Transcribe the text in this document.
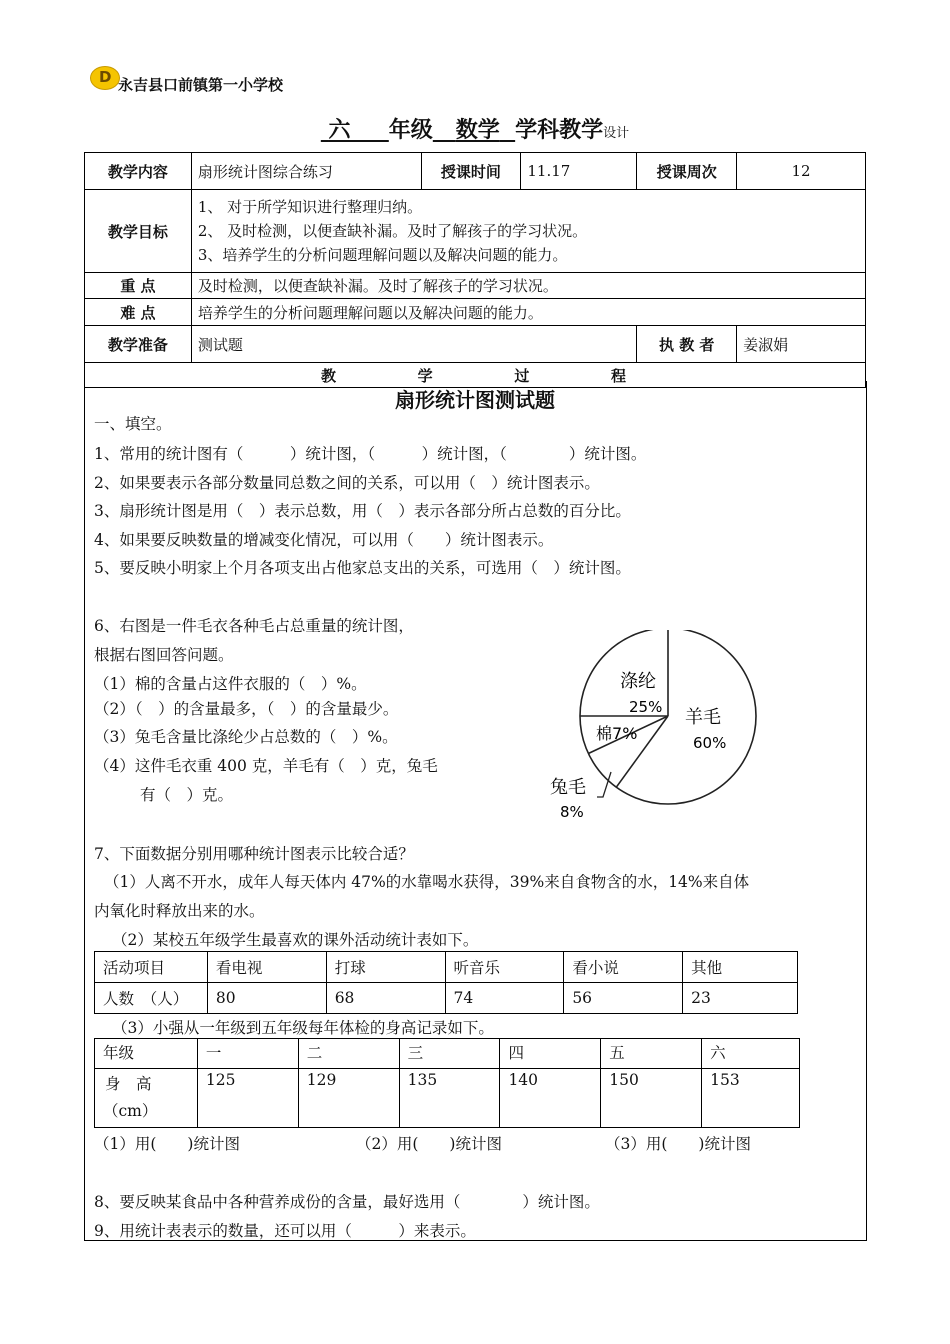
D 永吉县口前镇第一小学校
六 年级 数学 学科教学设计
教学内容	扇形统计图综合练习	授课时间	11.17	授课周次	12
教学目标	1、 对于所学知识进行整理归纳。
2、 及时检测，以便查缺补漏。及时了解孩子的学习状况。
3、培养学生的分析问题理解问题以及解决问题的能力。				

重 点	及时检测，以便查缺补漏。及时了解孩子的学习状况。				
难 点	培养学生的分析问题理解问题以及解决问题的能力。				
教学准备	测试题			执 教 者	姜淑娟

教 学 过 程					
扇形统计图测试题
一、填空。
1、常用的统计图有（　　　）统计图，（　　　）统计图，（　　　　）统计图。
2、如果要表示各部分数量同总数之间的关系，可以用（　）统计图表示。
3、扇形统计图是用（　）表示总数，用（　）表示各部分所占总数的百分比。
4、如果要反映数量的增减变化情况，可以用（　　）统计图表示。
5、要反映小明家上个月各项支出占他家总支出的关系，可选用（　）统计图。
6、右图是一件毛衣各种毛占总重量的统计图，
根据右图回答问题。
（1）棉的含量占这件衣服的（　）%。
（2）（　）的含量最多，（　）的含量最少。
（3）兔毛含量比涤纶少占总数的（　）%。
（4）这件毛衣重 400 克，羊毛有（　）克，兔毛
有（　）克。
涤纶
25% 羊毛
60%
棉7%
兔毛
8%
7、下面数据分别用哪种统计图表示比较合适？
（1）人离不开水，成年人每天体内 47%的水靠喝水获得，39%来自食物含的水，14%来自体
内氧化时释放出来的水。
（2）某校五年级学生最喜欢的课外活动统计表如下。
活动项目	看电视	打球	听音乐	看小说	其他
人数　（人）	80	68	74	56	23
（3）小强从一年级到五年级每年体检的身高记录如下。
年级	一	二	三	四	五	六

身　高
（cm）	125	129	135	140	150	153
（1）用(　　)统计图	（2）用(　　)统计图	（3）用(　　)统计图
8、要反映某食品中各种营养成份的含量，最好选用（　　　　）统计图。
9、用统计表表示的数量，还可以用（　　　）来表示。
